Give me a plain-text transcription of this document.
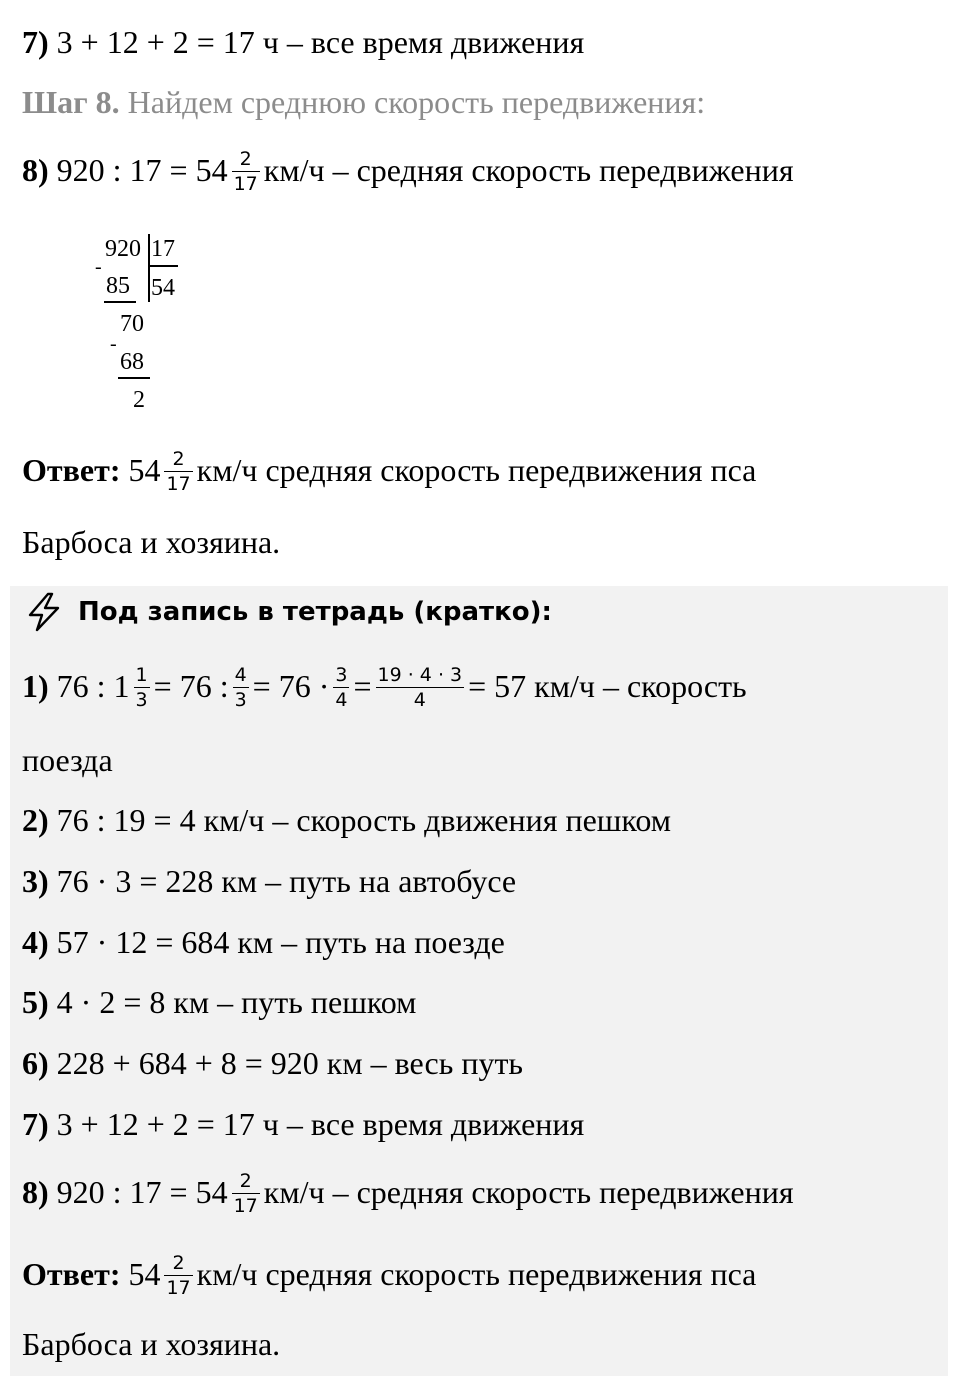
7) 3 + 12 + 2 = 17 ч – все время движения
Шаг 8. Найдем среднюю скорость передвижения:
8) 920 : $17 = 54 \frac{2}{17} км/ч$ – средняя скорость передвижения
920 17
-
85 54
70
-
68
2
Ответ: $54 \frac{2}{17} км/ч$ средняя скорость передвижения пса
Барбоса и хозяина.
Под запись в тетрадь (кратко):
1) 76 : $1 \frac{1}{3} = 76$ : $\frac{4}{3} = 76 \cdot \frac{3}{4} = \frac{19 \cdot 4 \cdot 3}{4} = 57$ км/ч – скорость
поезда
2) 76 : 19 = 4 км/ч – скорость движения пешком
3) 76 · 3 = 228 км – путь на автобусе
4) 57 · 12 = 684 км – путь на поезде
5) 4 · 2 = 8 км – путь пешком
6) 228 + 684 + 8 = 920 км – весь путь
7) 3 + 12 + 2 = 17 ч – все время движения
8) 920 : $17 = 54 \frac{2}{17} км/ч$ – средняя скорость передвижения
Ответ: $54 \frac{2}{17} км/ч$ средняя скорость передвижения пса
Барбоса и хозяина.
